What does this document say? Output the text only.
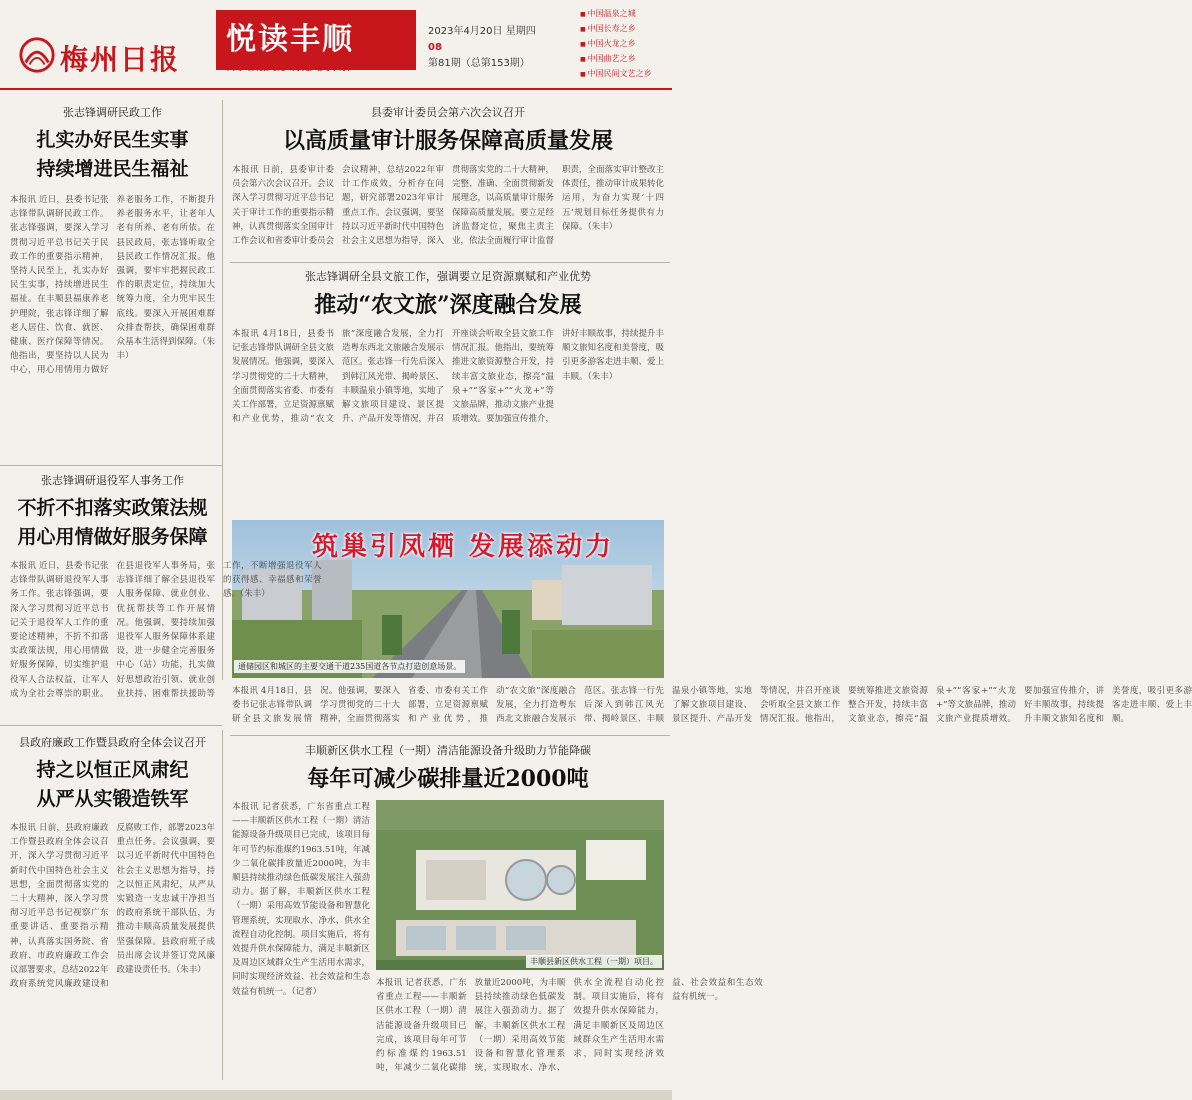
梅州日报
悦读丰顺
传承客潮文化 展现大美丰顺
2023年4月20日 星期四
08
第81期（总第153期）
■ 中国温泉之城
■ 中国长寿之乡
■ 中国火龙之乡
■ 中国曲艺之乡
■ 中国民间文艺之乡
张志锋调研民政工作
扎实办好民生实事
持续增进民生福祉
本报讯 近日，县委书记张志锋带队调研民政工作。张志锋强调，要深入学习贯彻习近平总书记关于民政工作的重要指示精神，坚持人民至上，扎实办好民生实事，持续增进民生福祉。在丰顺县福康养老护理院，张志锋详细了解老人居住、饮食、就医、健康、医疗保障等情况。他指出，要坚持以人民为中心，用心用情用力做好养老服务工作，不断提升养老服务水平，让老年人老有所养、老有所依。在县民政局，张志锋听取全县民政工作情况汇报。他强调，要牢牢把握民政工作的职责定位，持续加大统筹力度，全力兜牢民生底线。要深入开展困难群众排查帮扶，确保困难群众基本生活得到保障。（朱丰）
县委审计委员会第六次会议召开
以高质量审计服务保障高质量发展
本报讯 日前，县委审计委员会第六次会议召开。会议深入学习贯彻习近平总书记关于审计工作的重要指示精神，认真贯彻落实全国审计工作会议和省委审计委员会会议精神，总结2022年审计工作成效，分析存在问题，研究部署2023年审计重点工作。会议强调，要坚持以习近平新时代中国特色社会主义思想为指导，深入贯彻落实党的二十大精神，完整、准确、全面贯彻新发展理念，以高质量审计服务保障高质量发展。要立足经济监督定位，聚焦主责主业，依法全面履行审计监督职责，全面落实审计整改主体责任，推动审计成果转化运用，为奋力实现‘十四五’规划目标任务提供有力保障。（朱丰）
张志锋调研全县文旅工作，强调要立足资源禀赋和产业优势
推动“农文旅”深度融合发展
本报讯 4月18日，县委书记张志锋带队调研全县文旅发展情况。他强调，要深入学习贯彻党的二十大精神，全面贯彻落实省委、市委有关工作部署，立足资源禀赋和产业优势，推动“农文旅”深度融合发展，全力打造粤东西北文旅融合发展示范区。张志锋一行先后深入到韩江风光带、揭岭景区、丰顺温泉小镇等地，实地了解文旅项目建设、景区提升、产品开发等情况，并召开座谈会听取全县文旅工作情况汇报。他指出，要统筹推进文旅资源整合开发，持续丰富文旅业态，擦亮“温泉+”“客家+”“火龙+”等文旅品牌，推动文旅产业提质增效。要加强宣传推介，讲好丰顺故事，持续提升丰顺文旅知名度和美誉度，吸引更多游客走进丰顺、爱上丰顺。（朱丰）
筑巢引凤栖 发展添动力
通储园区和城区的主要交通干道235国道各节点打造创意场景。
本报讯 4月18日，县委书记张志锋带队调研全县文旅发展情况。他强调，要深入学习贯彻党的二十大精神，全面贯彻落实省委、市委有关工作部署，立足资源禀赋和产业优势，推动“农文旅”深度融合发展，全力打造粤东西北文旅融合发展示范区。张志锋一行先后深入到韩江风光带、揭岭景区、丰顺温泉小镇等地，实地了解文旅项目建设、景区提升、产品开发等情况，并召开座谈会听取全县文旅工作情况汇报。他指出，要统筹推进文旅资源整合开发，持续丰富文旅业态，擦亮“温泉+”“客家+”“火龙+”等文旅品牌，推动文旅产业提质增效。要加强宣传推介，讲好丰顺故事，持续提升丰顺文旅知名度和美誉度，吸引更多游客走进丰顺、爱上丰顺。
张志锋调研退役军人事务工作
不折不扣落实政策法规
用心用情做好服务保障
本报讯 近日，县委书记张志锋带队调研退役军人事务工作。张志锋强调，要深入学习贯彻习近平总书记关于退役军人工作的重要论述精神，不折不扣落实政策法规，用心用情做好服务保障，切实维护退役军人合法权益，让军人成为全社会尊崇的职业。在县退役军人事务局，张志锋详细了解全县退役军人服务保障、就业创业、优抚帮扶等工作开展情况。他强调，要持续加强退役军人服务保障体系建设，进一步健全完善服务中心（站）功能，扎实做好思想政治引领、就业创业扶持、困难帮扶援助等工作，不断增强退役军人的获得感、幸福感和荣誉感。（朱丰）
县政府廉政工作暨县政府全体会议召开
持之以恒正风肃纪
从严从实锻造铁军
本报讯 日前，县政府廉政工作暨县政府全体会议召开，深入学习贯彻习近平新时代中国特色社会主义思想，全面贯彻落实党的二十大精神，深入学习贯彻习近平总书记视察广东重要讲话、重要指示精神，认真落实国务院、省政府、市政府廉政工作会议部署要求，总结2022年政府系统党风廉政建设和反腐败工作，部署2023年重点任务。会议强调，要以习近平新时代中国特色社会主义思想为指导，持之以恒正风肃纪，从严从实锻造一支忠诚干净担当的政府系统干部队伍，为推动丰顺高质量发展提供坚强保障。县政府班子成员出席会议并签订党风廉政建设责任书。（朱丰）
丰顺新区供水工程（一期）清洁能源设备升级助力节能降碳
每年可减少碳排量近2000吨
本报讯 记者获悉，广东省重点工程——丰顺新区供水工程（一期）清洁能源设备升级项目已完成，该项目每年可节约标准煤约1963.51吨，年减少二氧化碳排放量近2000吨，为丰顺县持续推动绿色低碳发展注入强劲动力。据了解，丰顺新区供水工程（一期）采用高效节能设备和智慧化管理系统，实现取水、净水、供水全流程自动化控制。项目实施后，将有效提升供水保障能力，满足丰顺新区及周边区域群众生产生活用水需求，同时实现经济效益、社会效益和生态效益有机统一。（记者）
丰顺县新区供水工程（一期）项目。
本报讯 记者获悉，广东省重点工程——丰顺新区供水工程（一期）清洁能源设备升级项目已完成，该项目每年可节约标准煤约1963.51吨，年减少二氧化碳排放量近2000吨，为丰顺县持续推动绿色低碳发展注入强劲动力。据了解，丰顺新区供水工程（一期）采用高效节能设备和智慧化管理系统，实现取水、净水、供水全流程自动化控制。项目实施后，将有效提升供水保障能力，满足丰顺新区及周边区域群众生产生活用水需求，同时实现经济效益、社会效益和生态效益有机统一。
